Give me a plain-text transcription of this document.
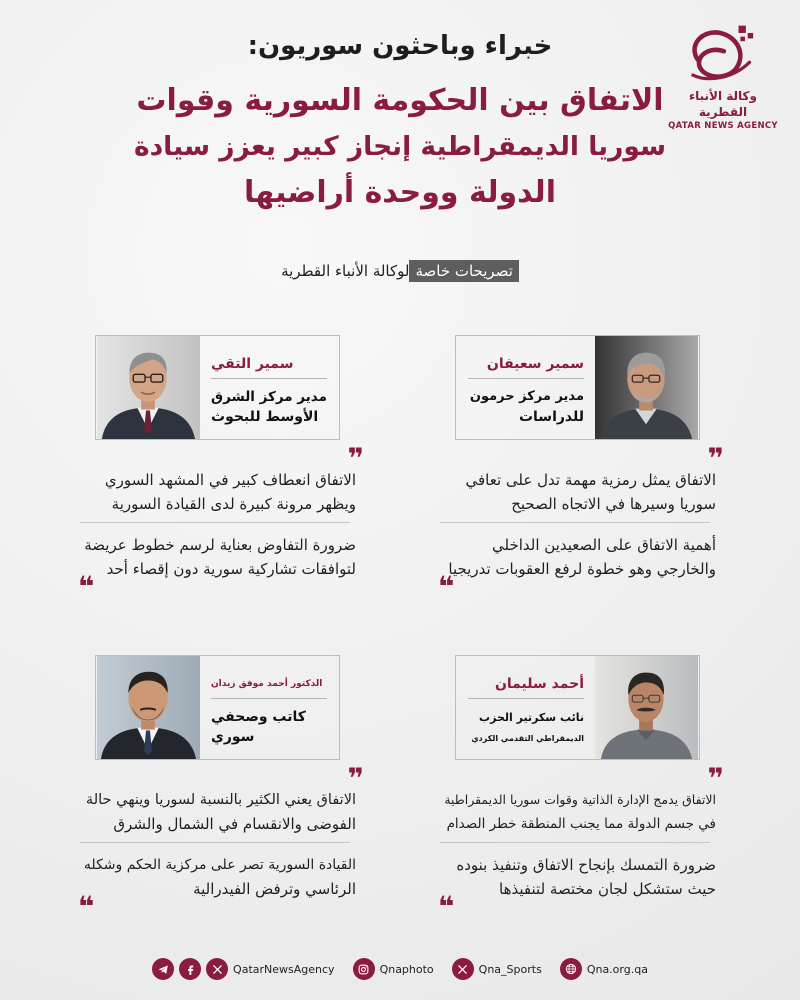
وكالة الأنباء القطرية
QATAR NEWS AGENCY
خبراء وباحثون سوريون:
الاتفاق بين الحكومة السورية وقوات
سوريا الديمقراطية إنجاز كبير يعزز سيادة
الدولة ووحدة أراضيها
تصريحات خاصةلوكالة الأنباء القطرية
سمير سعيفان
مدير مركز حرمون
للدراسات
❞
الاتفاق يمثل رمزية مهمة تدل على تعافي
سوريا وسيرها في الاتجاه الصحيح
أهمية الاتفاق على الصعيدين الداخلي
والخارجي وهو خطوة لرفع العقوبات تدريجيا
❝
سمير التقي
مدير مركز الشرق
الأوسط للبحوث
❞
الاتفاق انعطاف كبير في المشهد السوري
ويظهر مرونة كبيرة لدى القيادة السورية
ضرورة التفاوض بعناية لرسم خطوط عريضة
لتوافقات تشاركية سورية دون إقصاء أحد
❝
أحمد سليمان
نائب سكرتير الحزب
الديمقراطي التقدمي الكردي
❞
الاتفاق يدمج الإدارة الذاتية وقوات سوريا الديمقراطية
في جسم الدولة مما يجنب المنطقة خطر الصدام
ضرورة التمسك بإنجاح الاتفاق وتنفيذ بنوده
حيث ستشكل لجان مختصة لتنفيذها
❝
الدكتور أحمد موفق زيدان
كاتب وصحفي
سوري
❞
الاتفاق يعني الكثير بالنسبة لسوريا وينهي حالة
الفوضى والانقسام في الشمال والشرق
القيادة السورية تصر على مركزية الحكم وشكله
الرئاسي وترفض الفيدرالية
❝
QatarNewsAgency	Qnaphoto	Qna_Sports	Qna.org.qa
